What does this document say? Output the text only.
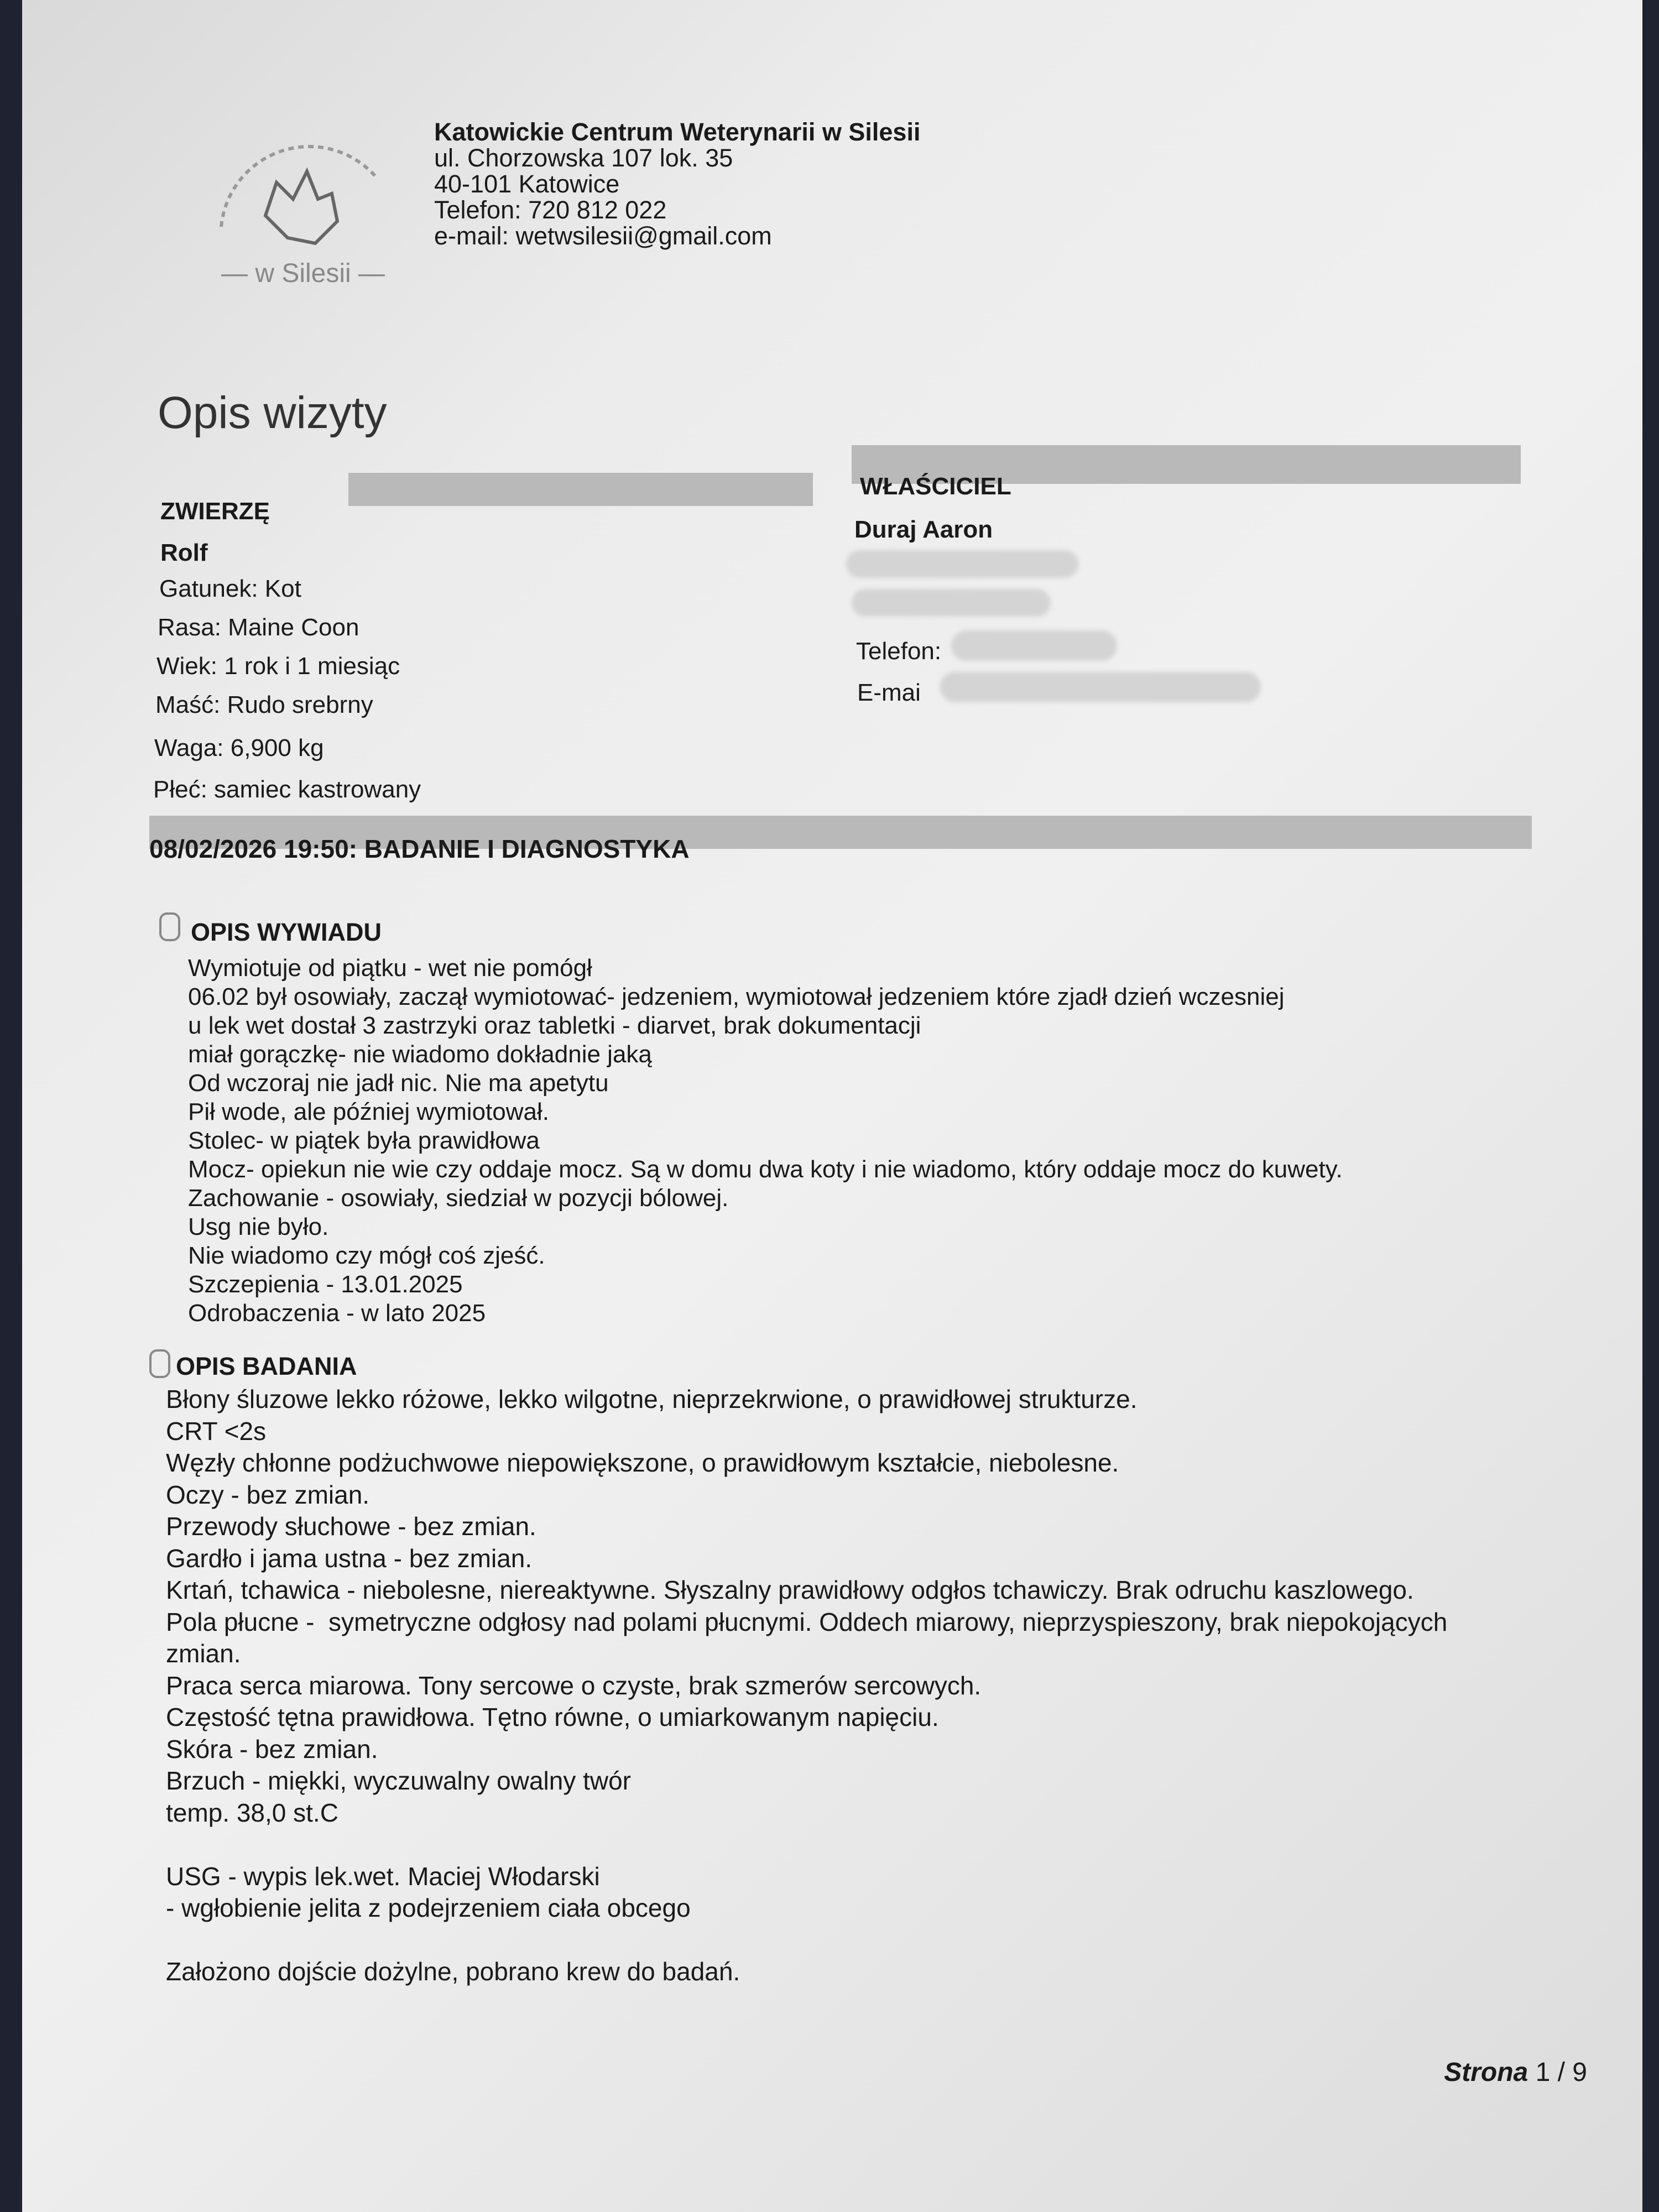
— w Silesii —
Katowickie Centrum Weterynarii w Silesii
ul. Chorzowska 107 lok. 35
40-101 Katowice
Telefon: 720 812 022
e-mail: wetwsilesii@gmail.com
Opis wizyty
ZWIERZĘ
Rolf
Gatunek: Kot
Rasa: Maine Coon
Wiek: 1 rok i 1 miesiąc
Maść: Rudo srebrny
Waga: 6,900 kg
Płeć: samiec kastrowany
WŁAŚCICIEL
Duraj Aaron
Telefon:
E-mai
08/02/2026 19:50: BADANIE I DIAGNOSTYKA
OPIS WYWIADU
Wymiotuje od piątku - wet nie pomógł
06.02 był osowiały, zaczął wymiotować- jedzeniem, wymiotował jedzeniem które zjadł dzień wczesniej
u lek wet dostał 3 zastrzyki oraz tabletki - diarvet, brak dokumentacji
miał gorączkę- nie wiadomo dokładnie jaką
Od wczoraj nie jadł nic. Nie ma apetytu
Pił wode, ale później wymiotował.
Stolec- w piątek była prawidłowa
Mocz- opiekun nie wie czy oddaje mocz. Są w domu dwa koty i nie wiadomo, który oddaje mocz do kuwety.
Zachowanie - osowiały, siedział w pozycji bólowej.
Usg nie było.
Nie wiadomo czy mógł coś zjeść.
Szczepienia - 13.01.2025
Odrobaczenia - w lato 2025
OPIS BADANIA
Błony śluzowe lekko różowe, lekko wilgotne, nieprzekrwione, o prawidłowej strukturze.
CRT <2s
Węzły chłonne podżuchwowe niepowiększone, o prawidłowym kształcie, niebolesne.
Oczy - bez zmian.
Przewody słuchowe - bez zmian.
Gardło i jama ustna - bez zmian.
Krtań, tchawica - niebolesne, niereaktywne. Słyszalny prawidłowy odgłos tchawiczy. Brak odruchu kaszlowego.
Pola płucne -  symetryczne odgłosy nad polami płucnymi. Oddech miarowy, nieprzyspieszony, brak niepokojących
zmian.
Praca serca miarowa. Tony sercowe o czyste, brak szmerów sercowych.
Częstość tętna prawidłowa. Tętno równe, o umiarkowanym napięciu.
Skóra - bez zmian.
Brzuch - miękki, wyczuwalny owalny twór
temp. 38,0 st.C

USG - wypis lek.wet. Maciej Włodarski
- wgłobienie jelita z podejrzeniem ciała obcego

Założono dojście dożylne, pobrano krew do badań.
Strona 1 / 9
